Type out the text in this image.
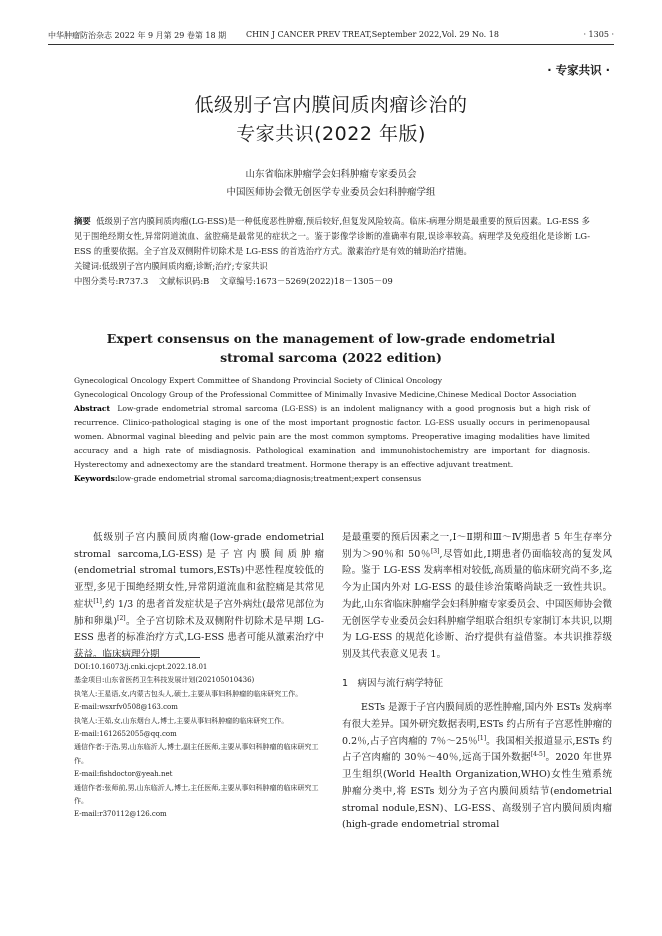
中华肿瘤防治杂志 2022 年 9 月第 29 卷第 18 期 CHIN J CANCER PREV TREAT,September 2022,Vol. 29 No. 18	· 1305 ·
· 专家共识 ·
低级别子宫内膜间质肉瘤诊治的
专家共识(2022 年版)
山东省临床肿瘤学会妇科肿瘤专家委员会
中国医师协会微无创医学专业委员会妇科肿瘤学组

摘要 低级别子宫内膜间质肉瘤(LG-ESS)是一种低度恶性肿瘤,预后较好,但复发风险较高。临床-病理分期是最重要的预后因素。LG-ESS 多见于围绝经期女性,异常阴道流血、盆腔痛是最常见的症状之一。鉴于影像学诊断的准确率有限,误诊率较高。病理学及免疫组化是诊断 LG-ESS 的重要依据。全子宫及双侧附件切除术是 LG-ESS 的首选治疗方式。激素治疗是有效的辅助治疗措施。

关键词:低级别子宫内膜间质肉瘤;诊断;治疗;专家共识

中图分类号:R737.3 文献标识码:B 文章编号:1673－5269(2022)18－1305－09

Expert consensus on the management of low-grade endometrial
stromal sarcoma (2022 edition)

Gynecological Oncology Expert Committee of Shandong Provincial Society of Clinical Oncology

Gynecological Oncology Group of the Professional Committee of Minimally Invasive Medicine,Chinese Medical Doctor Association

Abstract Low-grade endometrial stromal sarcoma (LG-ESS) is an indolent malignancy with a good prognosis but a high risk of recurrence. Clinico-pathological staging is one of the most important prognostic factor. LG-ESS usually occurs in perimenopausal women. Abnormal vaginal bleeding and pelvic pain are the most common symptoms. Preoperative imaging modalities have limited accuracy and a high rate of misdiagnosis. Pathological examination and immunohistochemistry are important for diagnosis. Hysterectomy and adnexectomy are the standard treatment. Hormone therapy is an effective adjuvant treatment.

Keywords:low-grade endometrial stromal sarcoma;diagnosis;treatment;expert consensus

低级别子宫内膜间质肉瘤(low-grade endometrial stromal sarcoma,LG-ESS)是子宫内膜间质肿瘤(endometrial stromal tumors,ESTs)中恶性程度较低的亚型,多见于围绝经期女性,异常阴道流血和盆腔痛是其常见症状[1],约 1/3 的患者首发症状是子宫外病灶(最常见部位为肺和卵巢)[2]。全子宫切除术及双侧附件切除术是早期 LG-ESS 患者的标准治疗方式,LG-ESS 患者可能从激素治疗中获益。临床病理分期

DOI:10.16073/j.cnki.cjcpt.2022.18.01
基金项目:山东省医药卫生科技发展计划(202105010436)
执笔人:王星语,女,内蒙古包头人,硕士,主要从事妇科肿瘤的临床研究工作。
E-mail:wsxrfv0508@163.com
执笔人:王茹,女,山东烟台人,博士,主要从事妇科肿瘤的临床研究工作。
E-mail:1612652055@qq.com
通信作者:于浩,男,山东临沂人,博士,副主任医师,主要从事妇科肿瘤的临床研究工作。
E-mail:fishdoctor@yeah.net
通信作者:张师前,男,山东临沂人,博士,主任医师,主要从事妇科肿瘤的临床研究工作。
E-mail:r370112@126.com

是最重要的预后因素之一,Ⅰ～Ⅱ期和Ⅲ～Ⅳ期患者 5 年生存率分别为＞90％和 50％[3],尽管如此,Ⅰ期患者仍面临较高的复发风险。鉴于 LG-ESS 发病率相对较低,高质量的临床研究尚不多,迄今为止国内外对 LG-ESS 的最佳诊治策略尚缺乏一致性共识。为此,山东省临床肿瘤学会妇科肿瘤专家委员会、中国医师协会微无创医学专业委员会妇科肿瘤学组联合组织专家制订本共识,以期为 LG-ESS 的规范化诊断、治疗提供有益借鉴。本共识推荐级别及其代表意义见表 1。

1　病因与流行病学特征

ESTs 是源于子宫内膜间质的恶性肿瘤,国内外 ESTs 发病率有很大差异。国外研究数据表明,ESTs 约占所有子宫恶性肿瘤的 0.2％,占子宫肉瘤的 7％～25％[1]。我国相关报道显示,ESTs 约占子宫肉瘤的 30％～40％,远高于国外数据[4-5]。2020 年世界卫生组织(World Health Organization,WHO)女性生殖系统肿瘤分类中,将 ESTs 划分为子宫内膜间质结节(endometrial stromal nodule,ESN)、LG-ESS、高级别子宫内膜间质肉瘤(high-grade endometrial stromal
